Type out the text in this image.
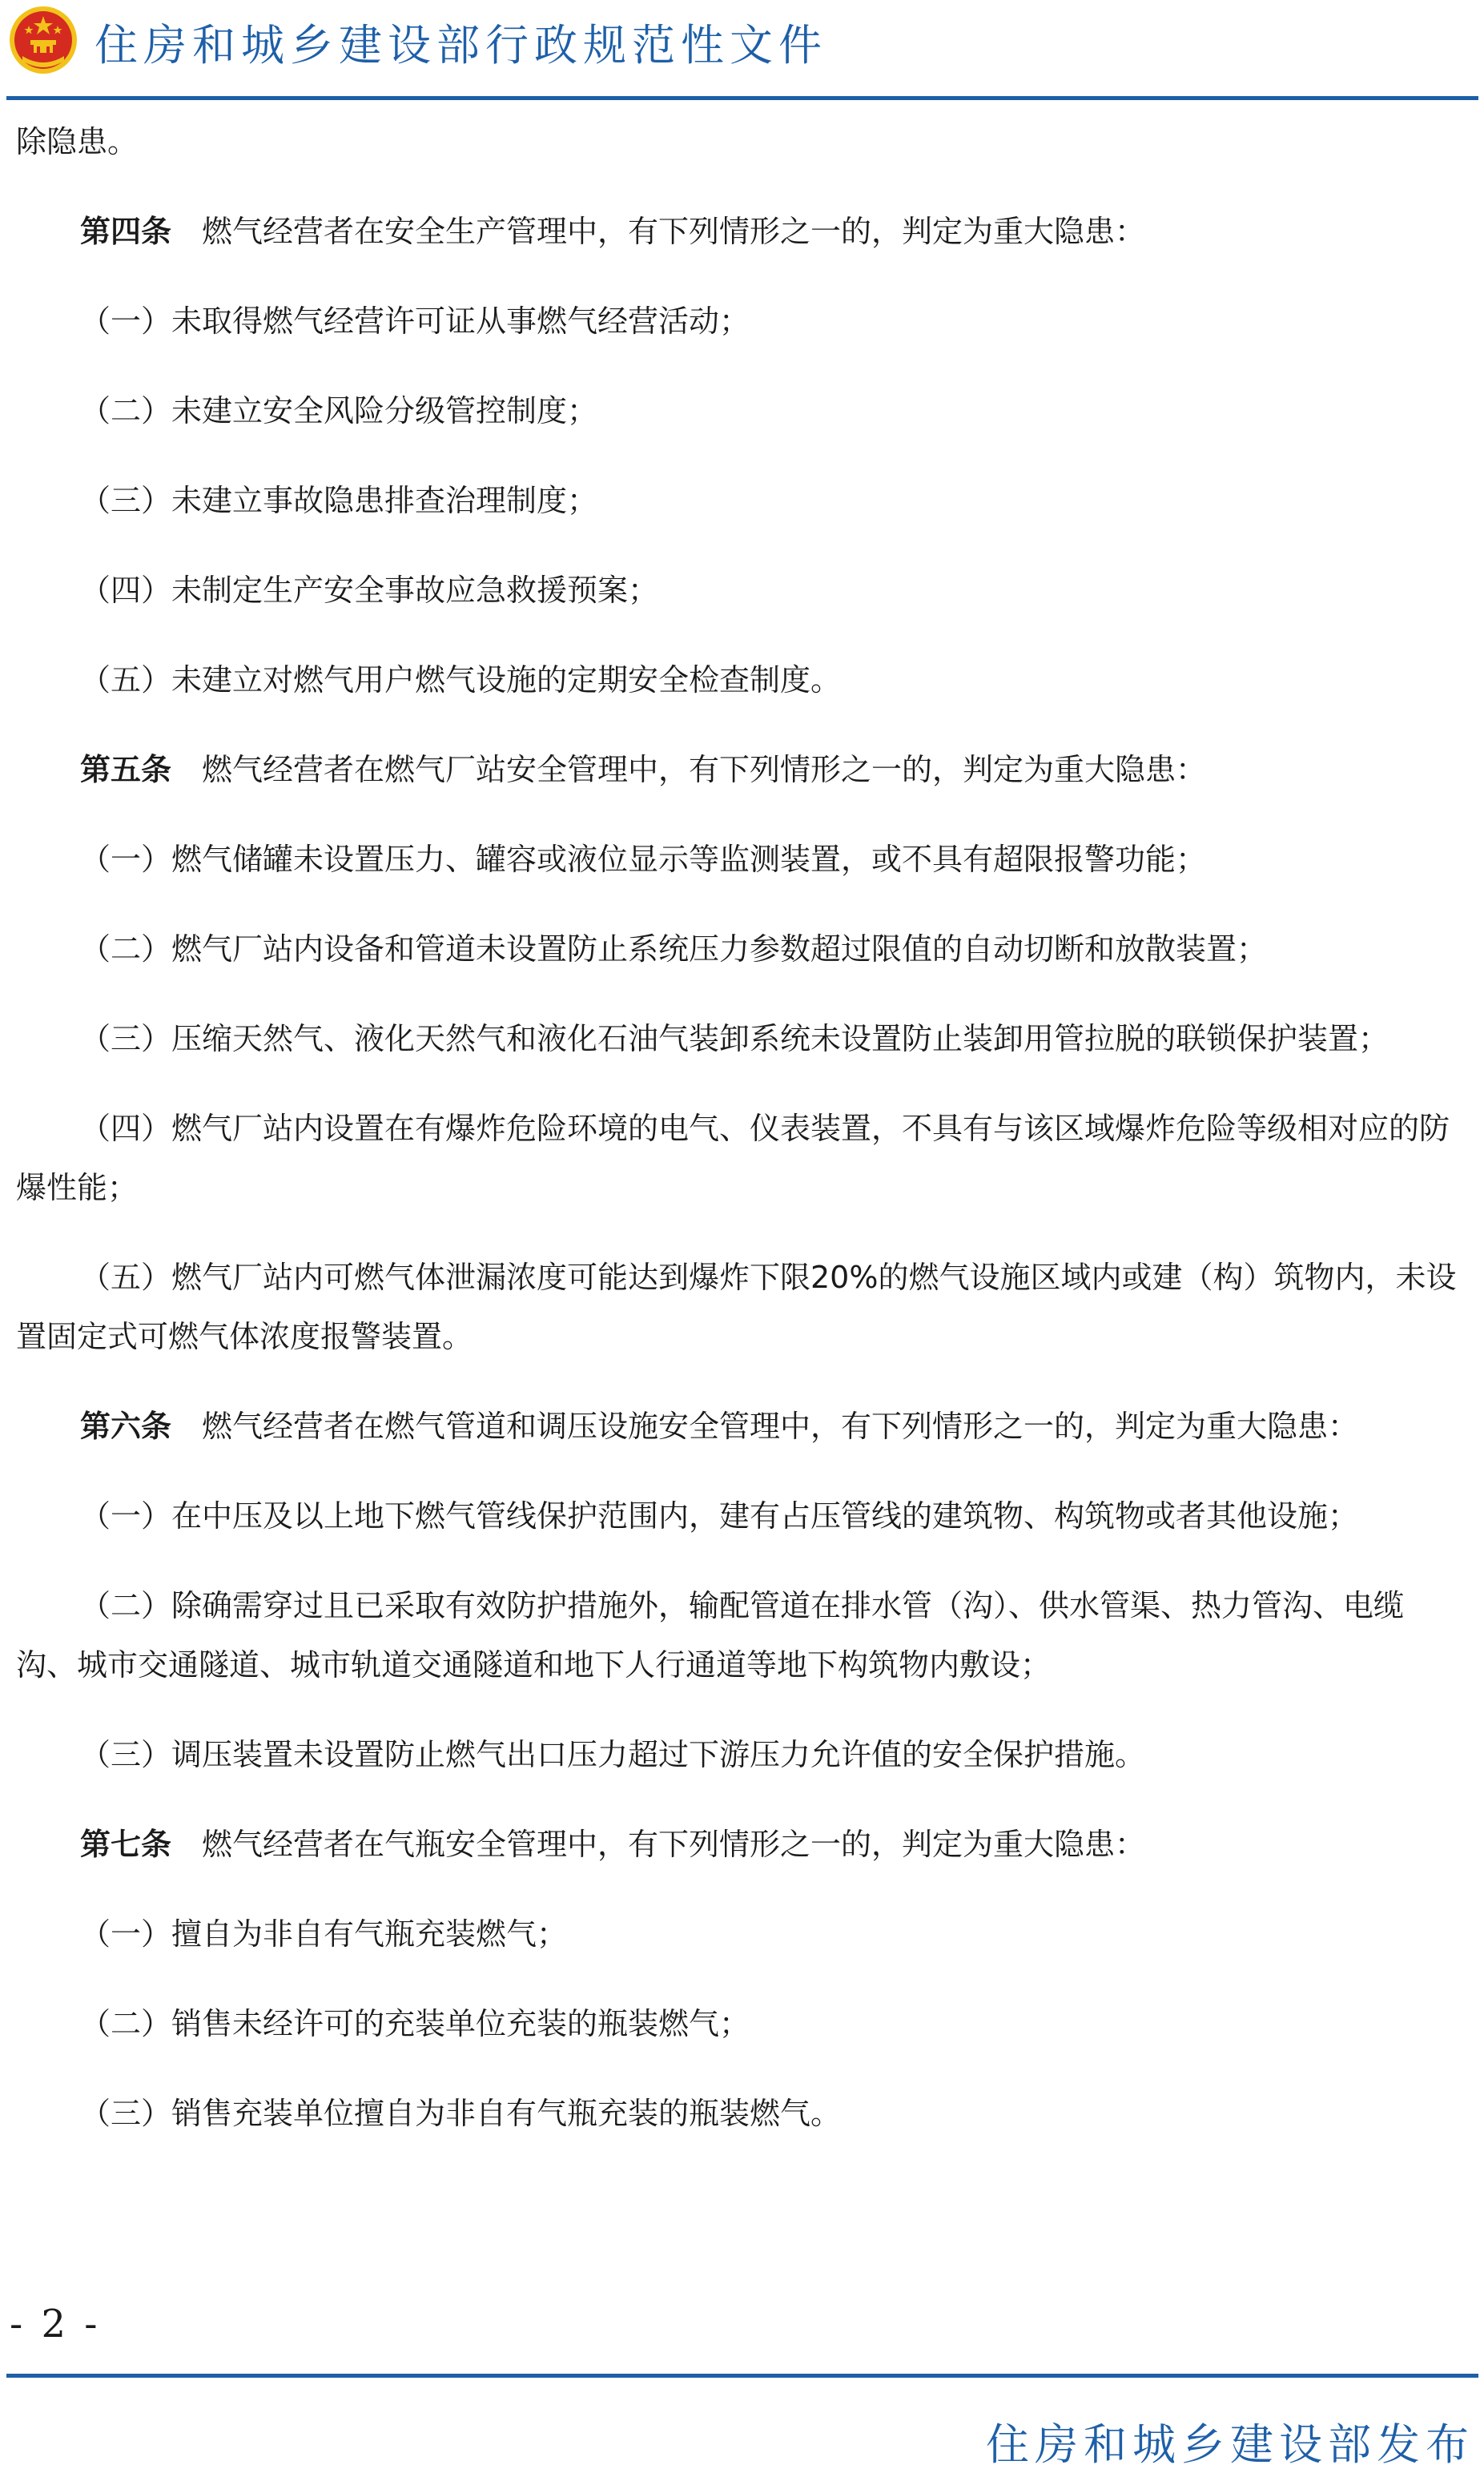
住房和城乡建设部行政规范性文件

除隐患。

第四条 燃气经营者在安全生产管理中，有下列情形之一的，判定为重大隐患：

（一）未取得燃气经营许可证从事燃气经营活动；

（二）未建立安全风险分级管控制度；

（三）未建立事故隐患排查治理制度；

（四）未制定生产安全事故应急救援预案；

（五）未建立对燃气用户燃气设施的定期安全检查制度。

第五条 燃气经营者在燃气厂站安全管理中，有下列情形之一的，判定为重大隐患：

（一）燃气储罐未设置压力、罐容或液位显示等监测装置，或不具有超限报警功能；

（二）燃气厂站内设备和管道未设置防止系统压力参数超过限值的自动切断和放散装置；

（三）压缩天然气、液化天然气和液化石油气装卸系统未设置防止装卸用管拉脱的联锁保护装置；

（四）燃气厂站内设置在有爆炸危险环境的电气、仪表装置，不具有与该区域爆炸危险等级相对应的防爆性能；

（五）燃气厂站内可燃气体泄漏浓度可能达到爆炸下限20%的燃气设施区域内或建（构）筑物内，未设置固定式可燃气体浓度报警装置。

第六条 燃气经营者在燃气管道和调压设施安全管理中，有下列情形之一的，判定为重大隐患：

（一）在中压及以上地下燃气管线保护范围内，建有占压管线的建筑物、构筑物或者其他设施；

（二）除确需穿过且已采取有效防护措施外，输配管道在排水管（沟）、供水管渠、热力管沟、电缆沟、城市交通隧道、城市轨道交通隧道和地下人行通道等地下构筑物内敷设；

（三）调压装置未设置防止燃气出口压力超过下游压力允许值的安全保护措施。

第七条 燃气经营者在气瓶安全管理中，有下列情形之一的，判定为重大隐患：

（一）擅自为非自有气瓶充装燃气；

（二）销售未经许可的充装单位充装的瓶装燃气；

（三）销售充装单位擅自为非自有气瓶充装的瓶装燃气。

- 2 -
住房和城乡建设部发布
